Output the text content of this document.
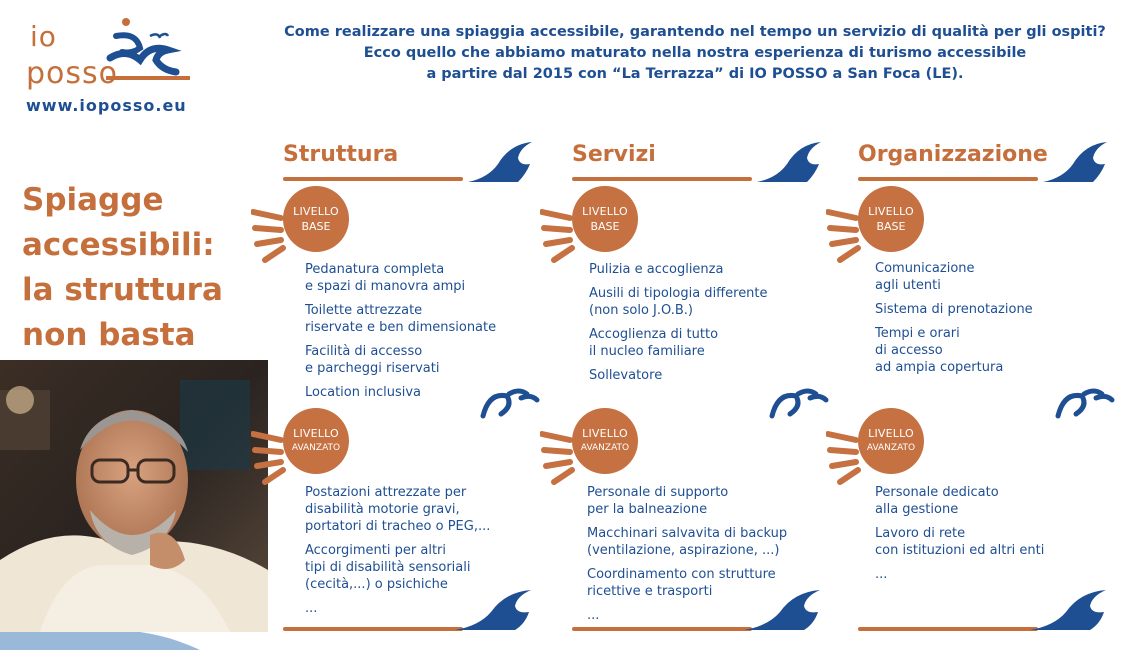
io
posso
www.ioposso.eu
Come realizzare una spiaggia accessibile, garantendo nel tempo un servizio di qualità per gli ospiti?
Ecco quello che abbiamo maturato nella nostra esperienza di turismo accessibile
a partire dal 2015 con “La Terrazza” di IO POSSO a San Foca (LE).
Spiagge
accessibili:
la struttura
non basta
Struttura
LIVELLO
BASE
Pedanatura completa
e spazi di manovra ampi
Toilette attrezzate
riservate e ben dimensionate
Facilità di accesso
e parcheggi riservati
Location inclusiva
LIVELLO
AVANZATO
Postazioni attrezzate per
disabilità motorie gravi,
portatori di tracheo o PEG,...
Accorgimenti per altri
tipi di disabilità sensoriali
(cecità,...) o psichiche
...
Servizi
LIVELLO
BASE
Pulizia e accoglienza
Ausili di tipologia differente
(non solo J.O.B.)
Accoglienza di tutto
il nucleo familiare
Sollevatore
LIVELLO
AVANZATO
Personale di supporto
per la balneazione
Macchinari salvavita di backup
(ventilazione, aspirazione, ...)
Coordinamento con strutture
ricettive e trasporti
...
Organizzazione
LIVELLO
BASE
Comunicazione
agli utenti
Sistema di prenotazione
Tempi e orari
di accesso
ad ampia copertura
LIVELLO
AVANZATO
Personale dedicato
alla gestione
Lavoro di rete
con istituzioni ed altri enti
...
